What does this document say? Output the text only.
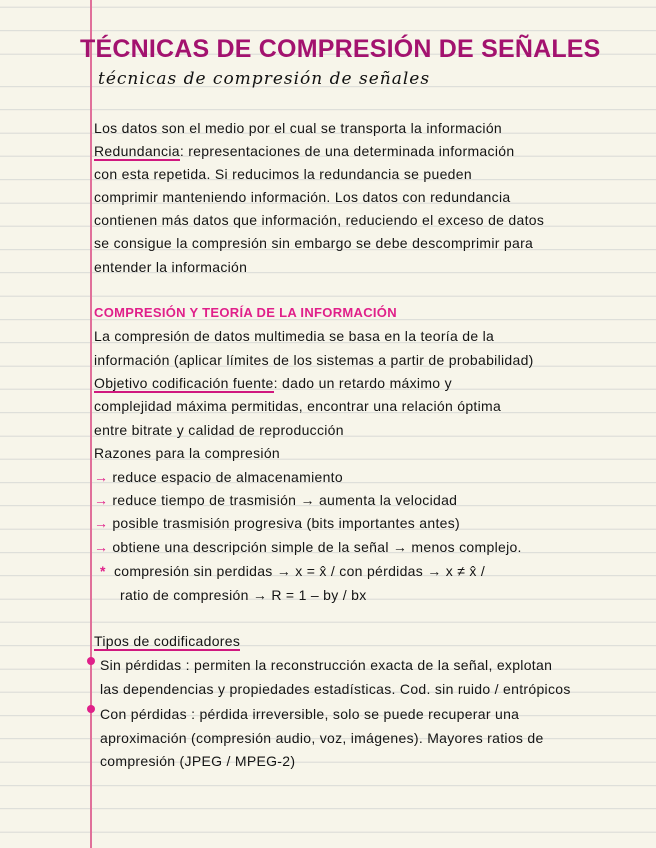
TÉCNICAS DE COMPRESIÓN DE SEÑALES
técnicas de compresión de señales
Los datos son el medio por el cual se transporta la información
Redundancia: representaciones de una determinada información
con esta repetida. Si reducimos la redundancia se pueden
comprimir manteniendo información. Los datos con redundancia
contienen más datos que información, reduciendo el exceso de datos
se consigue la compresión sin embargo se debe descomprimir para
entender la información
COMPRESIÓN Y TEORÍA DE LA INFORMACIÓN
La compresión de datos multimedia se basa en la teoría de la
información (aplicar límites de los sistemas a partir de probabilidad)
Objetivo codificación fuente: dado un retardo máximo y
complejidad máxima permitidas, encontrar una relación óptima
entre bitrate y calidad de reproducción
Razones para la compresión
→ reduce espacio de almacenamiento
→ reduce tiempo de trasmisión → aumenta la velocidad
→ posible trasmisión progresiva (bits importantes antes)
→ obtiene una descripción simple de la señal → menos complejo.
* compresión sin perdidas → x = x̂ / con pérdidas → x ≠ x̂ /
ratio de compresión → R = 1 – by / bx
Tipos de codificadores
Sin pérdidas : permiten la reconstrucción exacta de la señal, explotan
las dependencias y propiedades estadísticas. Cod. sin ruido / entrópicos
Con pérdidas : pérdida irreversible, solo se puede recuperar una
aproximación (compresión audio, voz, imágenes). Mayores ratios de
compresión (JPEG / MPEG-2)
